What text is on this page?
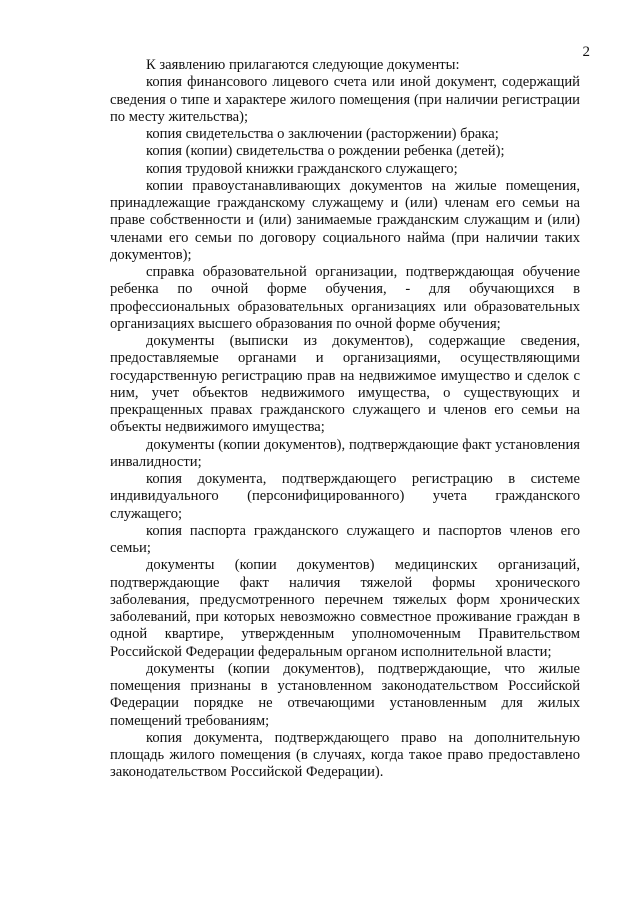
2

К заявлению прилагаются следующие документы:

копия финансового лицевого счета или иной документ, содержащий сведения о типе и характере жилого помещения (при наличии регистрации по месту жительства);

копия свидетельства о заключении (расторжении) брака;

копия (копии) свидетельства о рождении ребенка (детей);

копия трудовой книжки гражданского служащего;

копии правоустанавливающих документов на жилые помещения, принадлежащие гражданскому служащему и (или) членам его семьи на праве собственности и (или) занимаемые гражданским служащим и (или) членами его семьи по договору социального найма (при наличии таких документов);

справка образовательной организации, подтверждающая обучение ребенка по очной форме обучения, - для обучающихся в профессиональных образовательных организациях или образовательных организациях высшего образования по очной форме обучения;

документы (выписки из документов), содержащие сведения, предоставляемые органами и организациями, осуществляющими государственную регистрацию прав на недвижимое имущество и сделок с ним, учет объектов недвижимого имущества, о существующих и прекращенных правах гражданского служащего и членов его семьи на объекты недвижимого имущества;

документы (копии документов), подтверждающие факт установления инвалидности;

копия документа, подтверждающего регистрацию в системе индивидуального (персонифицированного) учета гражданского служащего;

копия паспорта гражданского служащего и паспортов членов его семьи;

документы (копии документов) медицинских организаций, подтверждающие факт наличия тяжелой формы хронического заболевания, предусмотренного перечнем тяжелых форм хронических заболеваний, при которых невозможно совместное проживание граждан в одной квартире, утвержденным уполномоченным Правительством Российской Федерации федеральным органом исполнительной власти;

документы (копии документов), подтверждающие, что жилые помещения признаны в установленном законодательством Российской Федерации порядке не отвечающими установленным для жилых помещений требованиям;

копия документа, подтверждающего право на дополнительную площадь жилого помещения (в случаях, когда такое право предоставлено законодательством Российской Федерации).
